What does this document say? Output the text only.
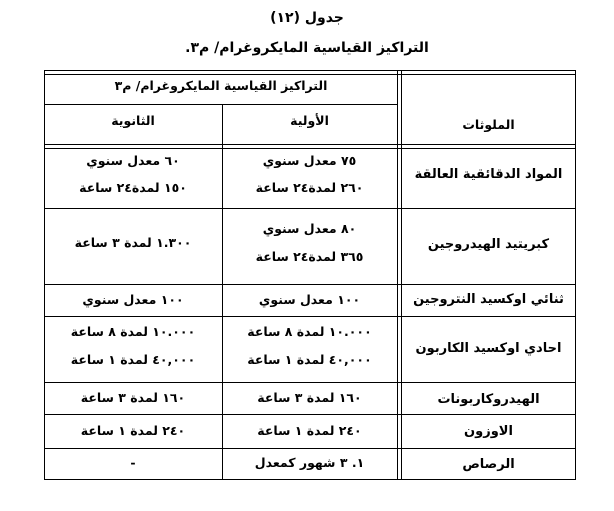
جدول (١٢)
التراكيز القياسية المايكروغرام/ م٣.
التراكيز القياسية المايكروغرام/ م٣
الملوثات
الأولية
الثانوية
المواد الدقائقية العالقة
٧٥ معدل سنوي
٢٦٠ لمدة٢٤ ساعة
٦٠ معدل سنوي
١٥٠ لمدة٢٤ ساعة
كبريتيد الهيدروجين
٨٠ معدل سنوي
٣٦٥ لمدة٢٤ ساعة
١.٣٠٠ لمدة ٣ ساعة
ثنائي اوكسيد النتروجين
١٠٠ معدل سنوي
١٠٠ معدل سنوي
احادي اوكسيد الكاربون
١٠.٠٠٠ لمدة ٨ ساعة
٤٠,٠٠٠ لمدة ١ ساعة
١٠.٠٠٠ لمدة ٨ ساعة
٤٠,٠٠٠ لمدة ١ ساعة
الهيدروكاربونات
١٦٠ لمدة ٣ ساعة
١٦٠ لمدة ٣ ساعة
الاوزون
٢٤٠ لمدة ١ ساعة
٢٤٠ لمدة ١ ساعة
الرصاص
١. ٣ شهور كمعدل
-
